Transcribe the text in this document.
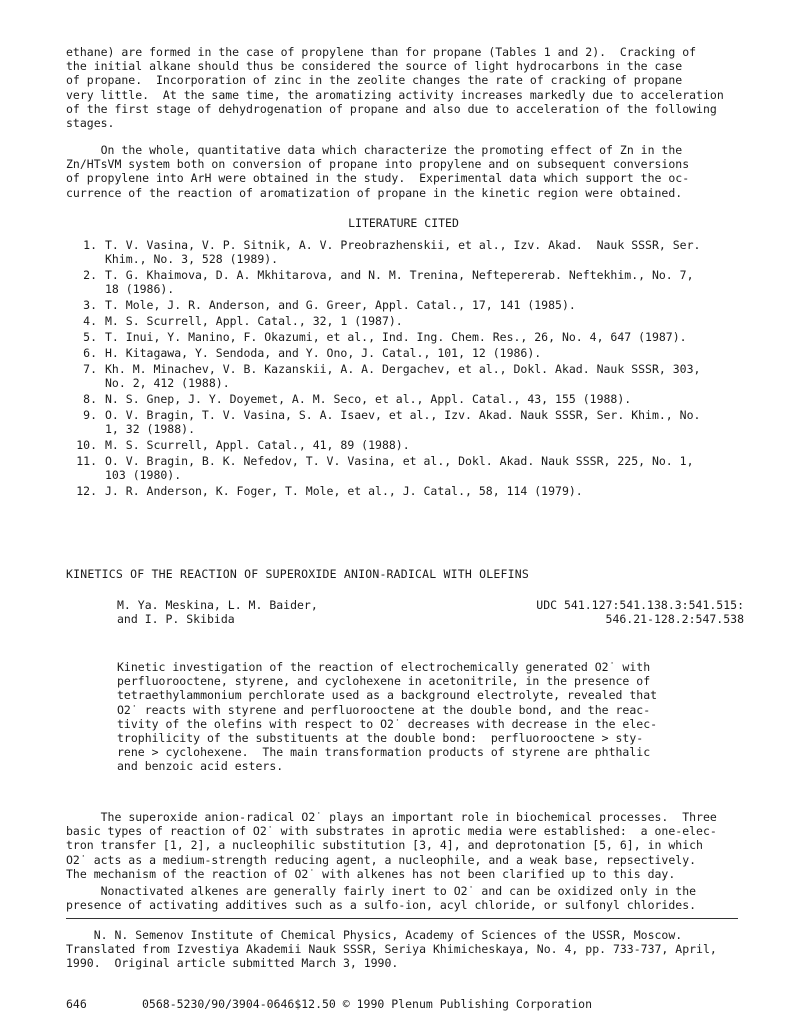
ethane) are formed in the case of propylene than for propane (Tables 1 and 2).  Cracking of
the initial alkane should thus be considered the source of light hydrocarbons in the case
of propane.  Incorporation of zinc in the zeolite changes the rate of cracking of propane
very little.  At the same time, the aromatizing activity increases markedly due to acceleration
of the first stage of dehydrogenation of propane and also due to acceleration of the following
stages.
On the whole, quantitative data which characterize the promoting effect of Zn in the
Zn/HTsVM system both on conversion of propane into propylene and on subsequent conversions
of propylene into ArH were obtained in the study.  Experimental data which support the oc-
currence of the reaction of aromatization of propane in the kinetic region were obtained.
LITERATURE CITED
1. T. V. Vasina, V. P. Sitnik, A. V. Preobrazhenskii, et al., Izv. Akad.  Nauk SSSR, Ser.
Khim., No. 3, 528 (1989).
2. T. G. Khaimova, D. A. Mkhitarova, and N. M. Trenina, Neftepererab. Neftekhim., No. 7,
18 (1986).
3. T. Mole, J. R. Anderson, and G. Greer, Appl. Catal., 17, 141 (1985).
4. M. S. Scurrell, Appl. Catal., 32, 1 (1987).
5. T. Inui, Y. Manino, F. Okazumi, et al., Ind. Ing. Chem. Res., 26, No. 4, 647 (1987).
6. H. Kitagawa, Y. Sendoda, and Y. Ono, J. Catal., 101, 12 (1986).
7. Kh. M. Minachev, V. B. Kazanskii, A. A. Dergachev, et al., Dokl. Akad. Nauk SSSR, 303,
No. 2, 412 (1988).
8. N. S. Gnep, J. Y. Doyemet, A. M. Seco, et al., Appl. Catal., 43, 155 (1988).
9. O. V. Bragin, T. V. Vasina, S. A. Isaev, et al., Izv. Akad. Nauk SSSR, Ser. Khim., No.
1, 32 (1988).
10. M. S. Scurrell, Appl. Catal., 41, 89 (1988).
11. O. V. Bragin, B. K. Nefedov, T. V. Vasina, et al., Dokl. Akad. Nauk SSSR, 225, No. 1,
103 (1980).
12. J. R. Anderson, K. Foger, T. Mole, et al., J. Catal., 58, 114 (1979).
KINETICS OF THE REACTION OF SUPEROXIDE ANION-RADICAL WITH OLEFINS
M. Ya. Meskina, L. M. Baider,
and I. P. Skibida
UDC 541.127:541.138.3:541.515:
546.21-128.2:547.538
Kinetic investigation of the reaction of electrochemically generated O2˙ with
perfluorooctene, styrene, and cyclohexene in acetonitrile, in the presence of
tetraethylammonium perchlorate used as a background electrolyte, revealed that
O2˙ reacts with styrene and perfluorooctene at the double bond, and the reac-
tivity of the olefins with respect to O2˙ decreases with decrease in the elec-
trophilicity of the substituents at the double bond:  perfluorooctene > sty-
rene > cyclohexene.  The main transformation products of styrene are phthalic
and benzoic acid esters.
The superoxide anion-radical O2˙ plays an important role in biochemical processes.  Three
basic types of reaction of O2˙ with substrates in aprotic media were established:  a one-elec-
tron transfer [1, 2], a nucleophilic substitution [3, 4], and deprotonation [5, 6], in which
O2˙ acts as a medium-strength reducing agent, a nucleophile, and a weak base, repsectively.
The mechanism of the reaction of O2˙ with alkenes has not been clarified up to this day.
Nonactivated alkenes are generally fairly inert to O2˙ and can be oxidized only in the
presence of activating additives such as a sulfo-ion, acyl chloride, or sulfonyl chlorides.
N. N. Semenov Institute of Chemical Physics, Academy of Sciences of the USSR, Moscow.
Translated from Izvestiya Akademii Nauk SSSR, Seriya Khimicheskaya, No. 4, pp. 733-737, April,
1990.  Original article submitted March 3, 1990.
646	0568-5230/90/3904-0646$12.50 © 1990 Plenum Publishing Corporation
